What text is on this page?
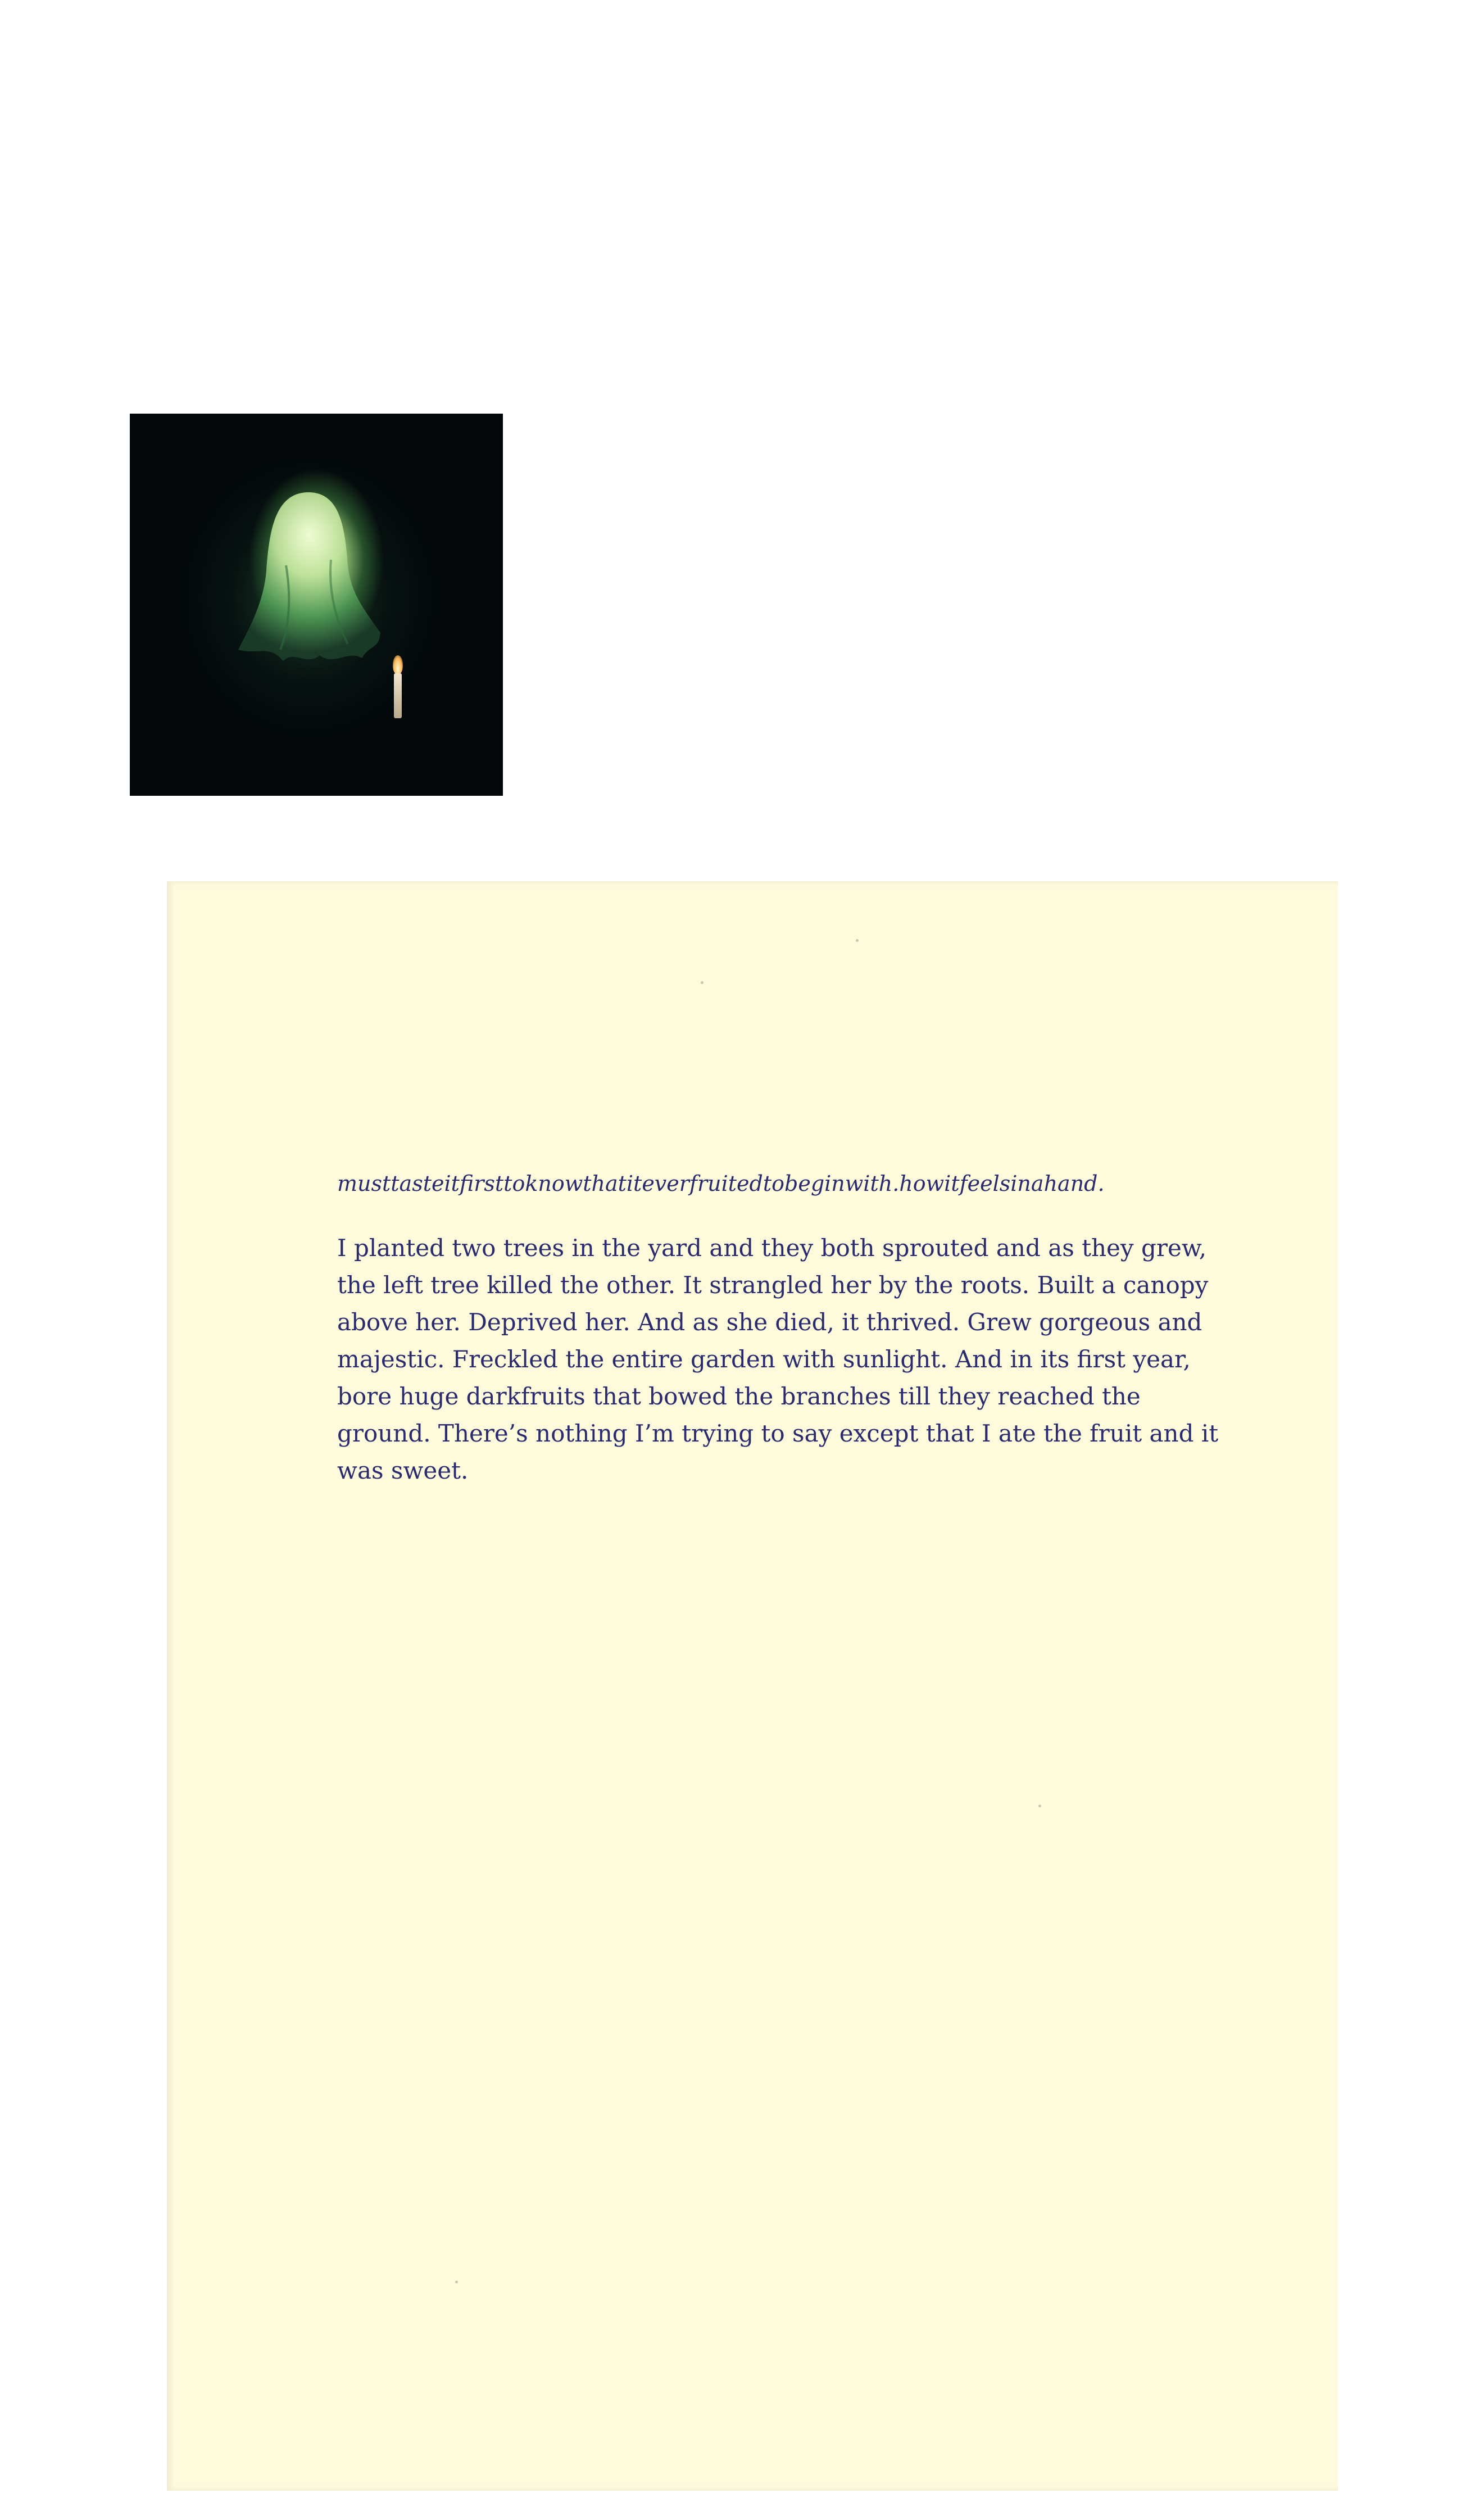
musttasteitfirsttoknowthatiteverfruitedtobeginwith.howitfeelsinahand.

I planted two trees in the yard and they both sprouted and as they grew, the left tree killed the other. It strangled her by the roots. Built a canopy above her. Deprived her. And as she died, it thrived. Grew gorgeous and majestic. Freckled the entire garden with sunlight. And in its first year, bore huge darkfruits that bowed the branches till they reached the ground. There’s nothing I’m trying to say except that I ate the fruit and it was sweet.
